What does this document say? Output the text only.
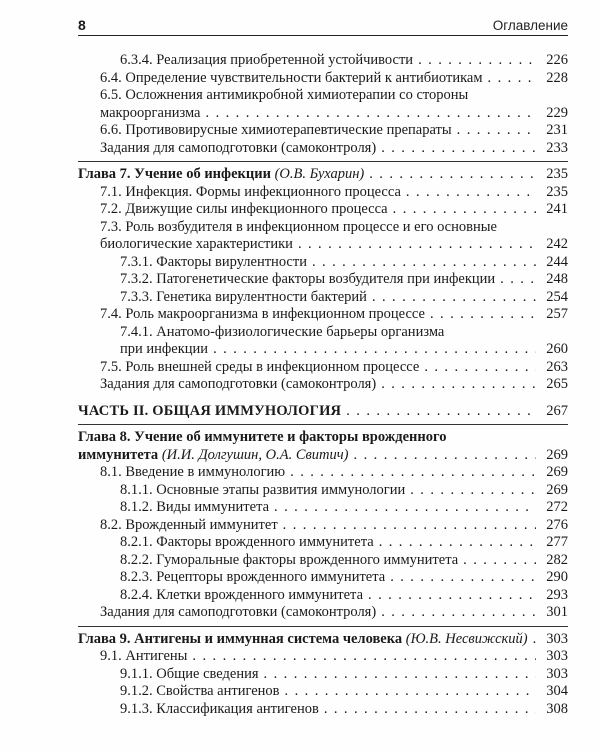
8	Оглавление
6.3.4. Реализация приобретенной устойчивости . . .	226
6.4. Определение чувствительности бактерий к антибиотикам . . .	228
6.5. Осложнения антимикробной химиотерапии со стороны
макроорганизма . . .	229
6.6. Противовирусные химиотерапевтические препараты . . .	231
Задания для самоподготовки (самоконтроля) . . .	233
Глава 7. Учение об инфекции (О.В. Бухарин) . . .	235
7.1. Инфекция. Формы инфекционного процесса . . .	235
7.2. Движущие силы инфекционного процесса . . .	241
7.3. Роль возбудителя в инфекционном процессе и его основные
биологические характеристики . . .	242
7.3.1. Факторы вирулентности . . .	244
7.3.2. Патогенетические факторы возбудителя при инфекции . . .	248
7.3.3. Генетика вирулентности бактерий . . .	254
7.4. Роль макроорганизма в инфекционном процессе . . .	257
7.4.1. Анатомо-физиологические барьеры организма
при инфекции . . .	260
7.5. Роль внешней среды в инфекционном процессе . . .	263
Задания для самоподготовки (самоконтроля) . . .	265
ЧАСТЬ II. ОБЩАЯ ИММУНОЛОГИЯ . . .	267
Глава 8. Учение об иммунитете и факторы врожденного
иммунитета (И.И. Долгушин, О.А. Свитич) . . .	269
8.1. Введение в иммунологию . . .	269
8.1.1. Основные этапы развития иммунологии . . .	269
8.1.2. Виды иммунитета . . .	272
8.2. Врожденный иммунитет . . .	276
8.2.1. Факторы врожденного иммунитета . . .	277
8.2.2. Гуморальные факторы врожденного иммунитета . . .	282
8.2.3. Рецепторы врожденного иммунитета . . .	290
8.2.4. Клетки врожденного иммунитета . . .	293
Задания для самоподготовки (самоконтроля) . . .	301
Глава 9. Антигены и иммунная система человека (Ю.В. Несвижский) . . .	303
9.1. Антигены . . .	303
9.1.1. Общие сведения . . .	303
9.1.2. Свойства антигенов . . .	304
9.1.3. Классификация антигенов . . .	308
